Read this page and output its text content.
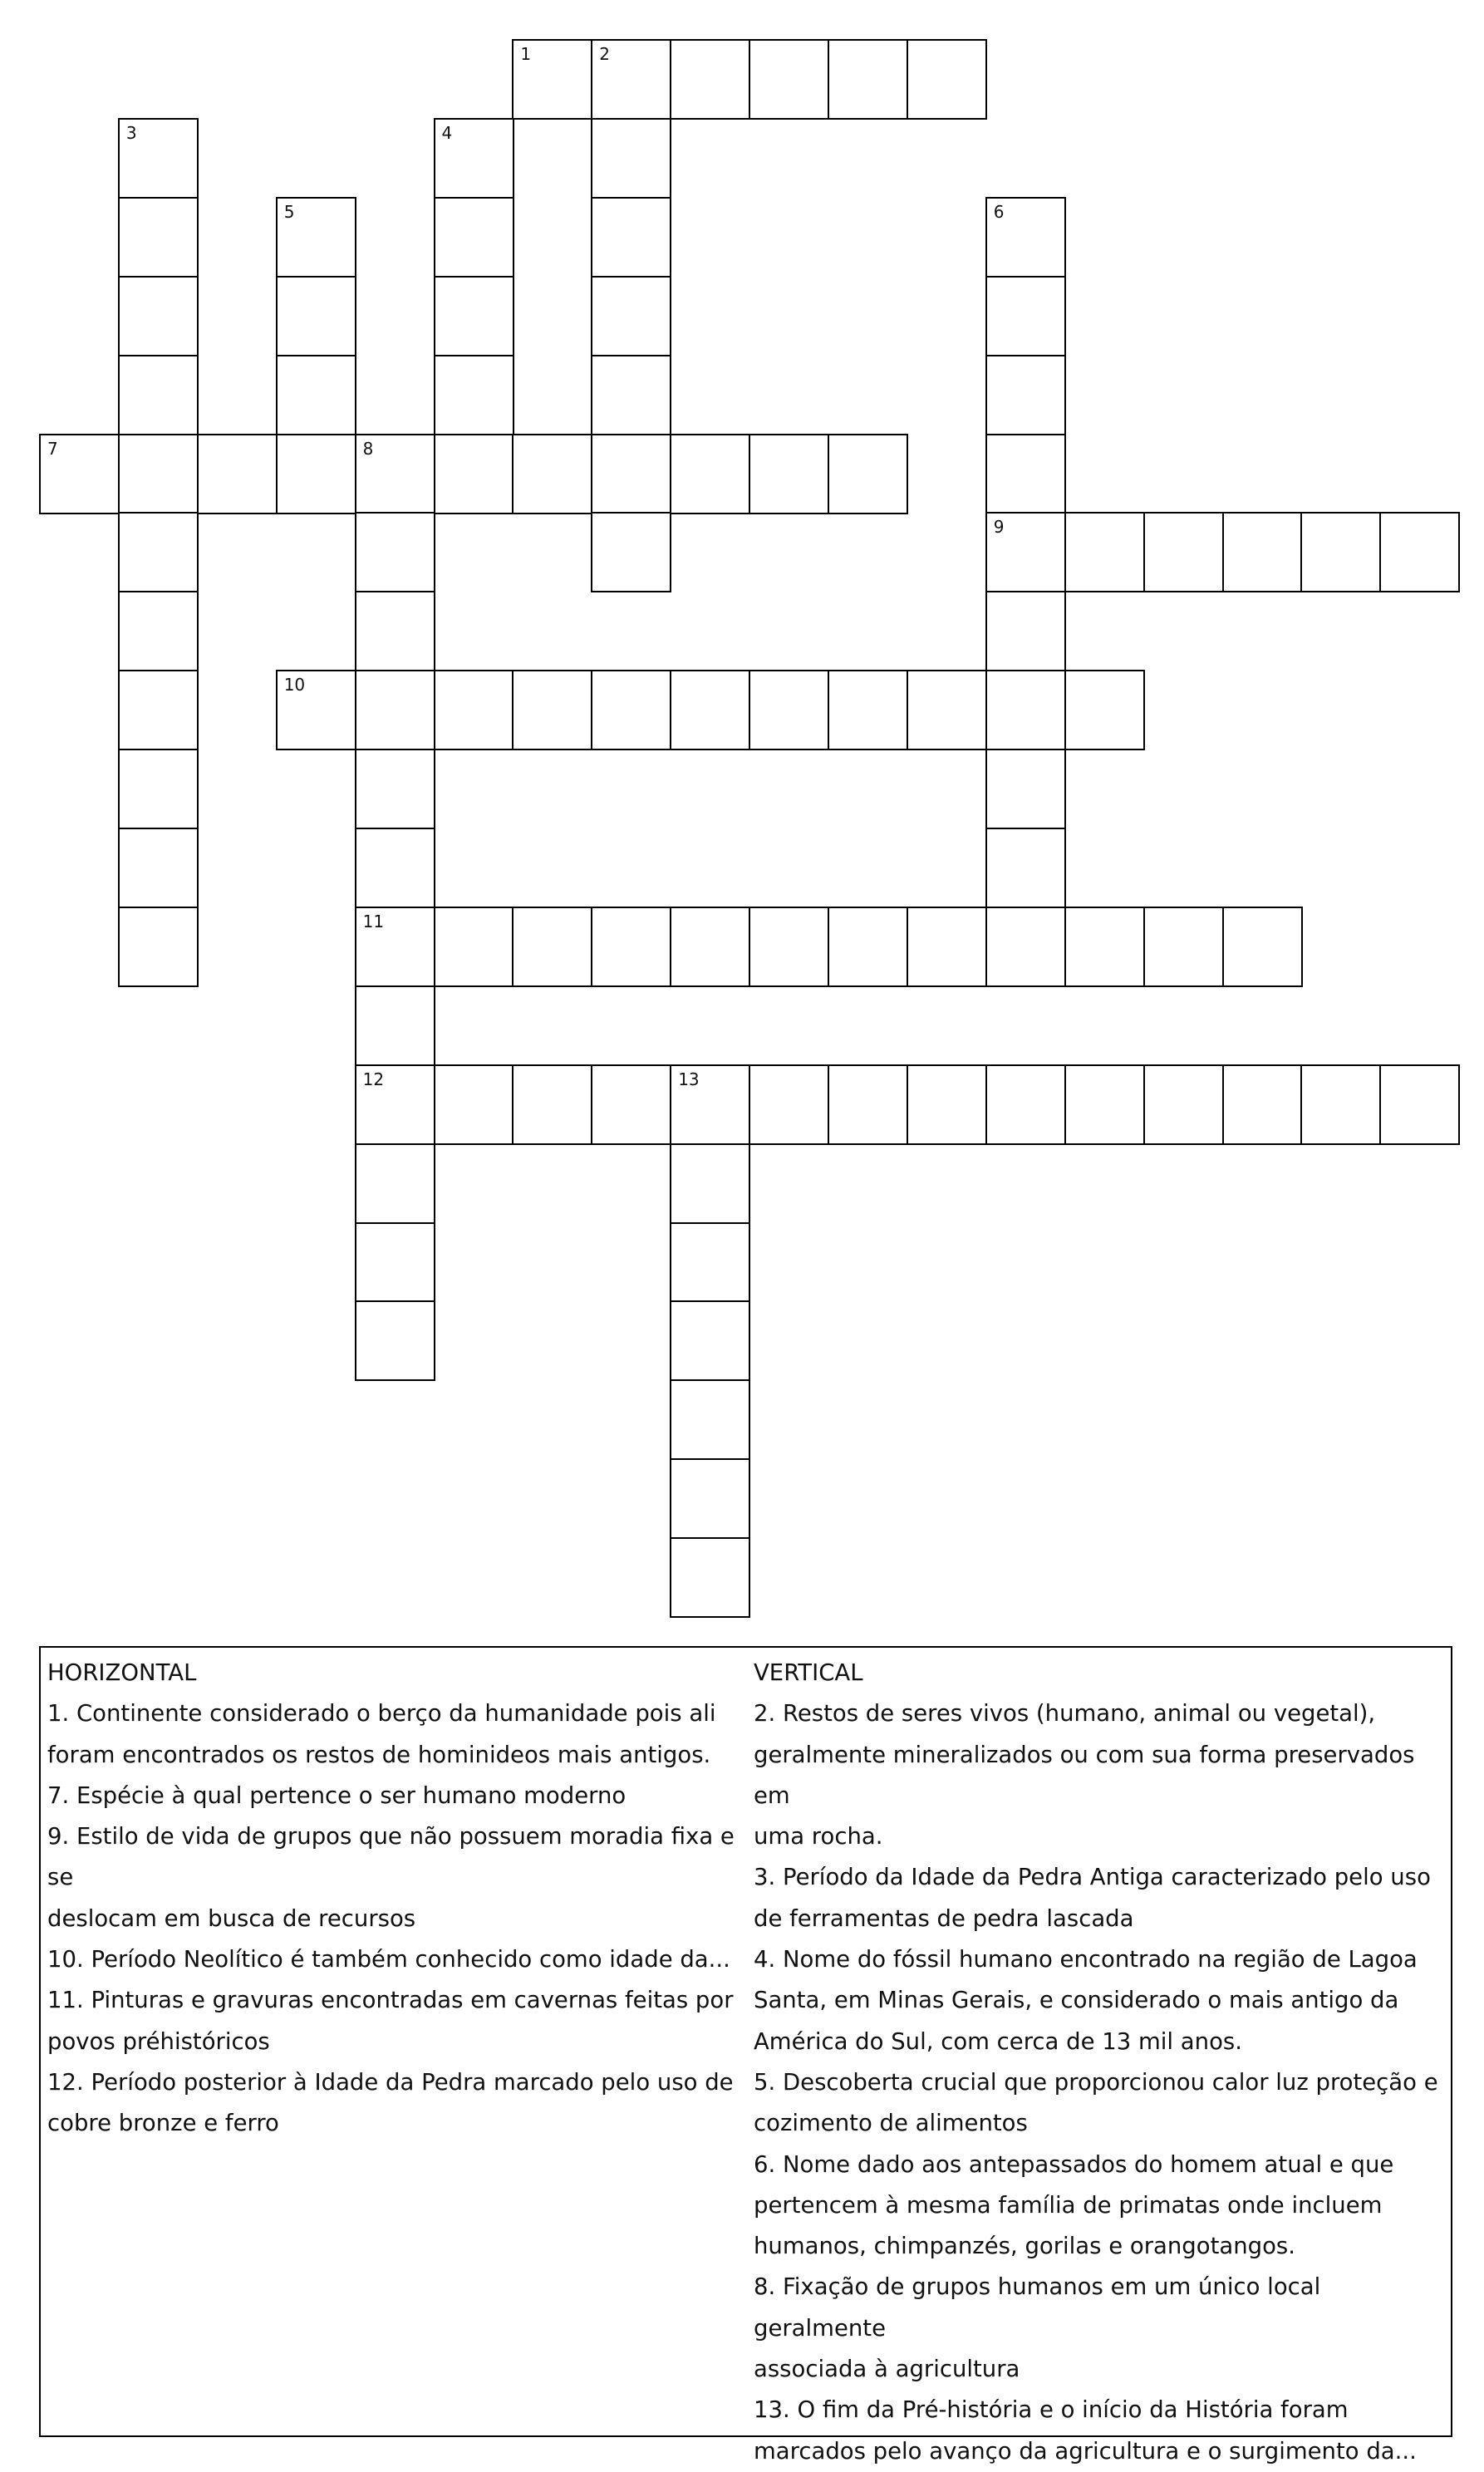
1	2
3	4
5	6
9
7	8
11
12
10
13
HORIZONTAL
1. Continente considerado o berço da humanidade pois ali
foram encontrados os restos de hominideos mais antigos.
7. Espécie à qual pertence o ser humano moderno
9. Estilo de vida de grupos que não possuem moradia fixa e se
deslocam em busca de recursos
10. Período Neolítico é também conhecido como idade da...
11. Pinturas e gravuras encontradas em cavernas feitas por
povos préhistóricos
12. Período posterior à Idade da Pedra marcado pelo uso de
cobre bronze e ferro
VERTICAL
2. Restos de seres vivos (humano, animal ou vegetal),
geralmente mineralizados ou com sua forma preservados em
uma rocha.
3. Período da Idade da Pedra Antiga caracterizado pelo uso
de ferramentas de pedra lascada
4. Nome do fóssil humano encontrado na região de Lagoa
Santa, em Minas Gerais, e considerado o mais antigo da
América do Sul, com cerca de 13 mil anos.
5. Descoberta crucial que proporcionou calor luz proteção e
cozimento de alimentos
6. Nome dado aos antepassados do homem atual e que
pertencem à mesma família de primatas onde incluem
humanos, chimpanzés, gorilas e orangotangos.
8. Fixação de grupos humanos em um único local geralmente
associada à agricultura
13. O fim da Pré-história e o início da História foram
marcados pelo avanço da agricultura e o surgimento da...
